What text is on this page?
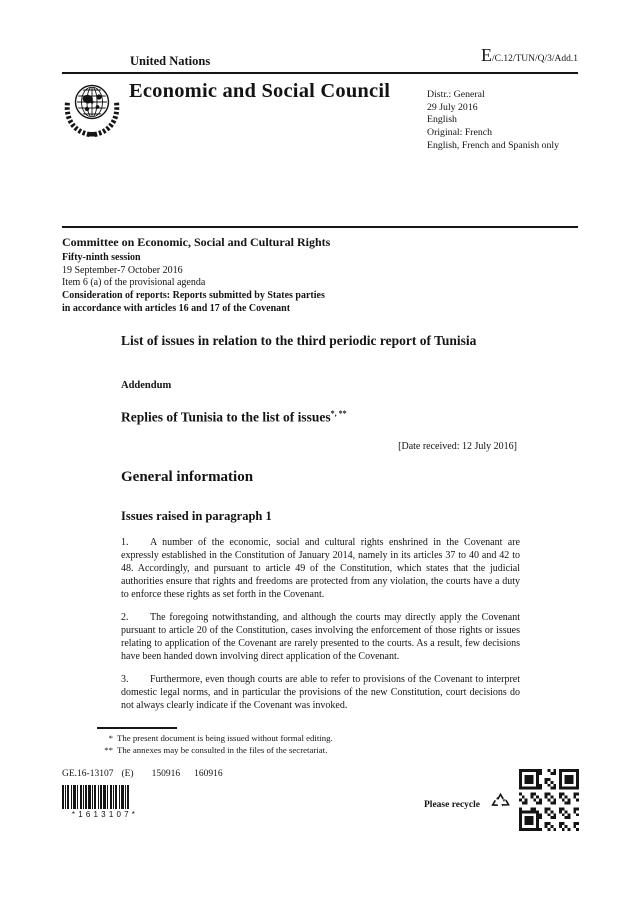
United Nations	E/C.12/TUN/Q/3/Add.1
Economic and Social Council	Distr.: General
29 July 2016
English
Original: French
English, French and Spanish only
Committee on Economic, Social and Cultural Rights
Fifty-ninth session
19 September-7 October 2016
Item 6 (a) of the provisional agenda
Consideration of reports: Reports submitted by States parties
in accordance with articles 16 and 17 of the Covenant
List of issues in relation to the third periodic report of Tunisia
Addendum
Replies of Tunisia to the list of issues*, **
[Date received: 12 July 2016]
General information
Issues raised in paragraph 1

1. A number of the economic, social and cultural rights enshrined in the Covenant are expressly established in the Constitution of January 2014, namely in its articles 37 to 40 and 42 to 48. Accordingly, and pursuant to article 49 of the Constitution, which states that the judicial authorities ensure that rights and freedoms are protected from any violation, the courts have a duty to enforce these rights as set forth in the Covenant.

2. The foregoing notwithstanding, and although the courts may directly apply the Covenant pursuant to article 20 of the Constitution, cases involving the enforcement of those rights or issues relating to application of the Covenant are rarely presented to the courts. As a result, few decisions have been handed down involving direct application of the Covenant.

3. Furthermore, even though courts are able to refer to provisions of the Covenant to interpret domestic legal norms, and in particular the provisions of the new Constitution, court decisions do not always clearly indicate if the Covenant was invoked.

* The present document is being issued without formal editing.
** The annexes may be consulted in the files of the secretariat.
GE.16-13107 (E) 150916 160916
*1613107*
Please recycle
